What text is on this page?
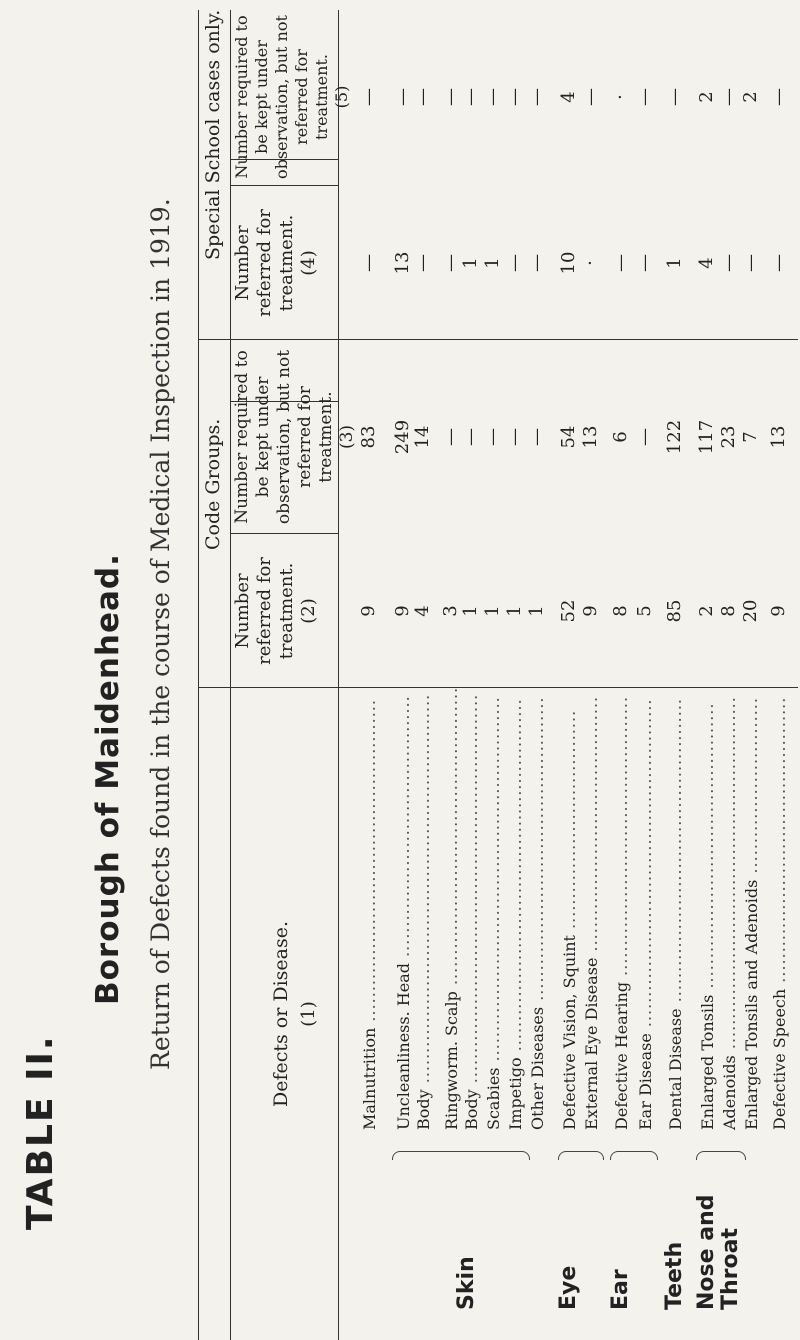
TABLE II.
Borough of Maidenhead. Return of Defects found in the course of Medical Inspection in 1919.	Defects or Disease. (1)
Code Groups.
Number referred for treatment. (2)
Number required to be kept under observation, but not referred for treatment. (3)
Special School cases only.
Number referred for treatment. (4)
Number required to be kept under observation, but not referred for treatment. (5)
Malnutrition .....................................................
9
83
—
—
Uncleanliness. Head ...........................................
9
249
13
—
Body ................................................................
4
14
—
—
Skin
Ringworm. Scalp .................................................
3
—
—
—
Body ................................................................
1
—
1
—
Scabies ............................................................
1
—
1
—
Impetigo ..........................................................
1
—
—
—
Other Diseases ..................................................
1
—
—
—
Eye
Defective Vision, Squint ....................................
52
54
10
4
External Eye Disease ..........................................
9
13
·
—
Ear
Defective Hearing ..............................................
8
6
—
·
Ear Disease ......................................................
5
—
—
—
Teeth
Dental Disease ..................................................
85
122
1
—
Nose and
Enlarged Tonsils ...............................................
2
117
4
2
Throat
Adenoids ..........................................................
8
23
—
—
Enlarged Tonsils and Adenoids .............................
20
7
—
2
Defective Speech ...............................................
9
13
—
—
